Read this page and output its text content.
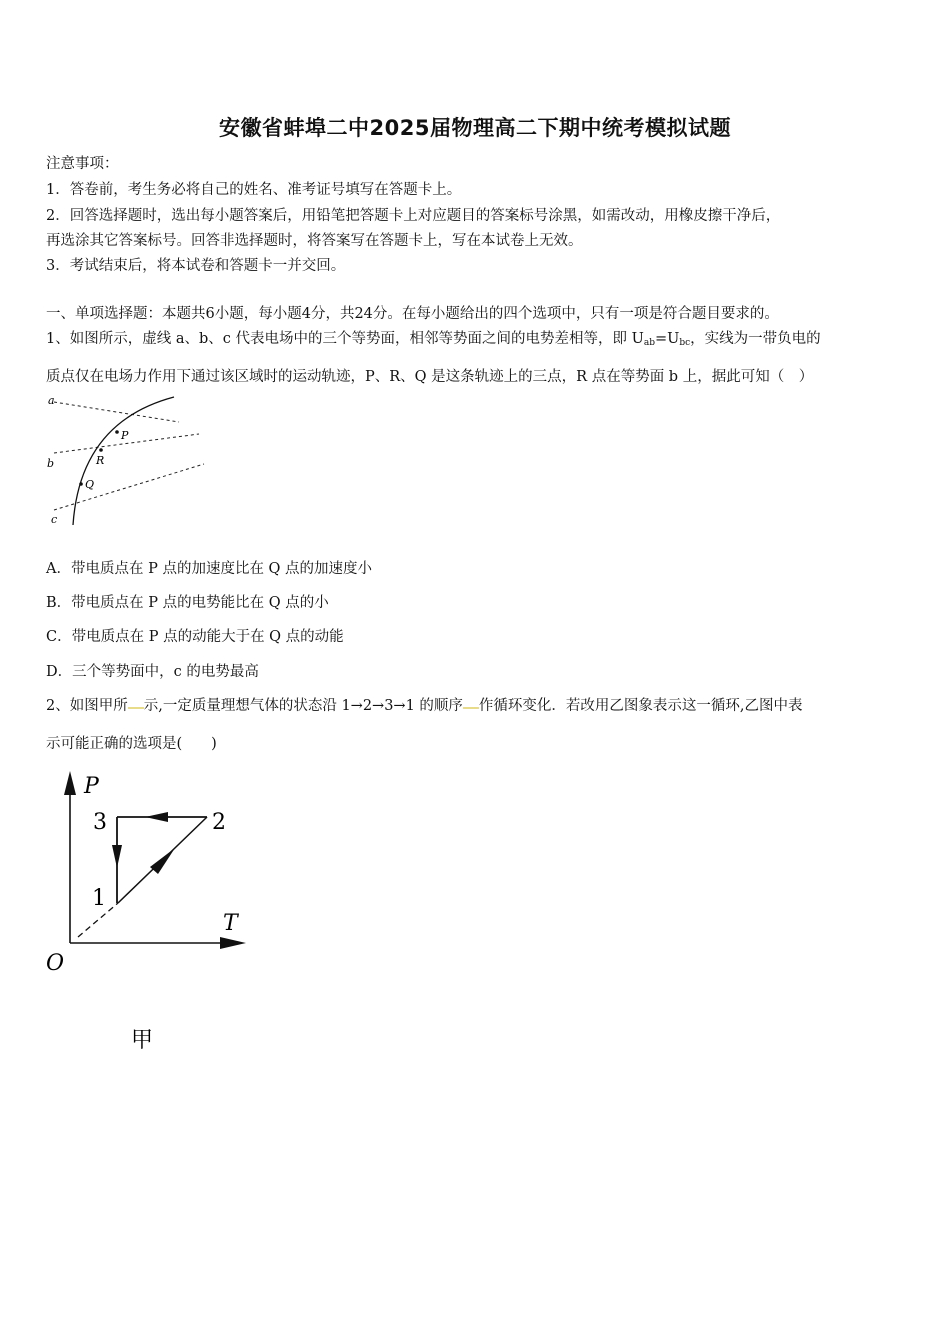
安徽省蚌埠二中2025届物理高二下期中统考模拟试题
注意事项：
1．答卷前，考生务必将自己的姓名、准考证号填写在答题卡上。
2．回答选择题时，选出每小题答案后，用铅笔把答题卡上对应题目的答案标号涂黑，如需改动，用橡皮擦干净后，
再选涂其它答案标号。回答非选择题时，将答案写在答题卡上，写在本试卷上无效。
3．考试结束后，将本试卷和答题卡一并交回。
一、单项选择题：本题共6小题，每小题4分，共24分。在每小题给出的四个选项中，只有一项是符合题目要求的。
1、如图所示，虚线 a、b、c 代表电场中的三个等势面，相邻等势面之间的电势差相等，即 $U_{ab}=U_{bc}$，实线为一带负电的
质点仅在电场力作用下通过该区域时的运动轨迹，P、R、Q 是这条轨迹上的三点，R 点在等势面 b 上，据此可知（　）
a
b
c
P
R
Q
A．带电质点在 P 点的加速度比在 Q 点的加速度小
B．带电质点在 P 点的电势能比在 Q 点的小
C．带电质点在 P 点的动能大于在 Q 点的动能
D．三个等势面中，c 的电势最高
2、如图甲所 示,一定质量理想气体的状态沿 1→2→3→1 的顺序 作循环变化．若改用乙图象表示这一循环,乙图中表
示可能正确的选项是(　　)
P
T
O
3	2
1
甲
